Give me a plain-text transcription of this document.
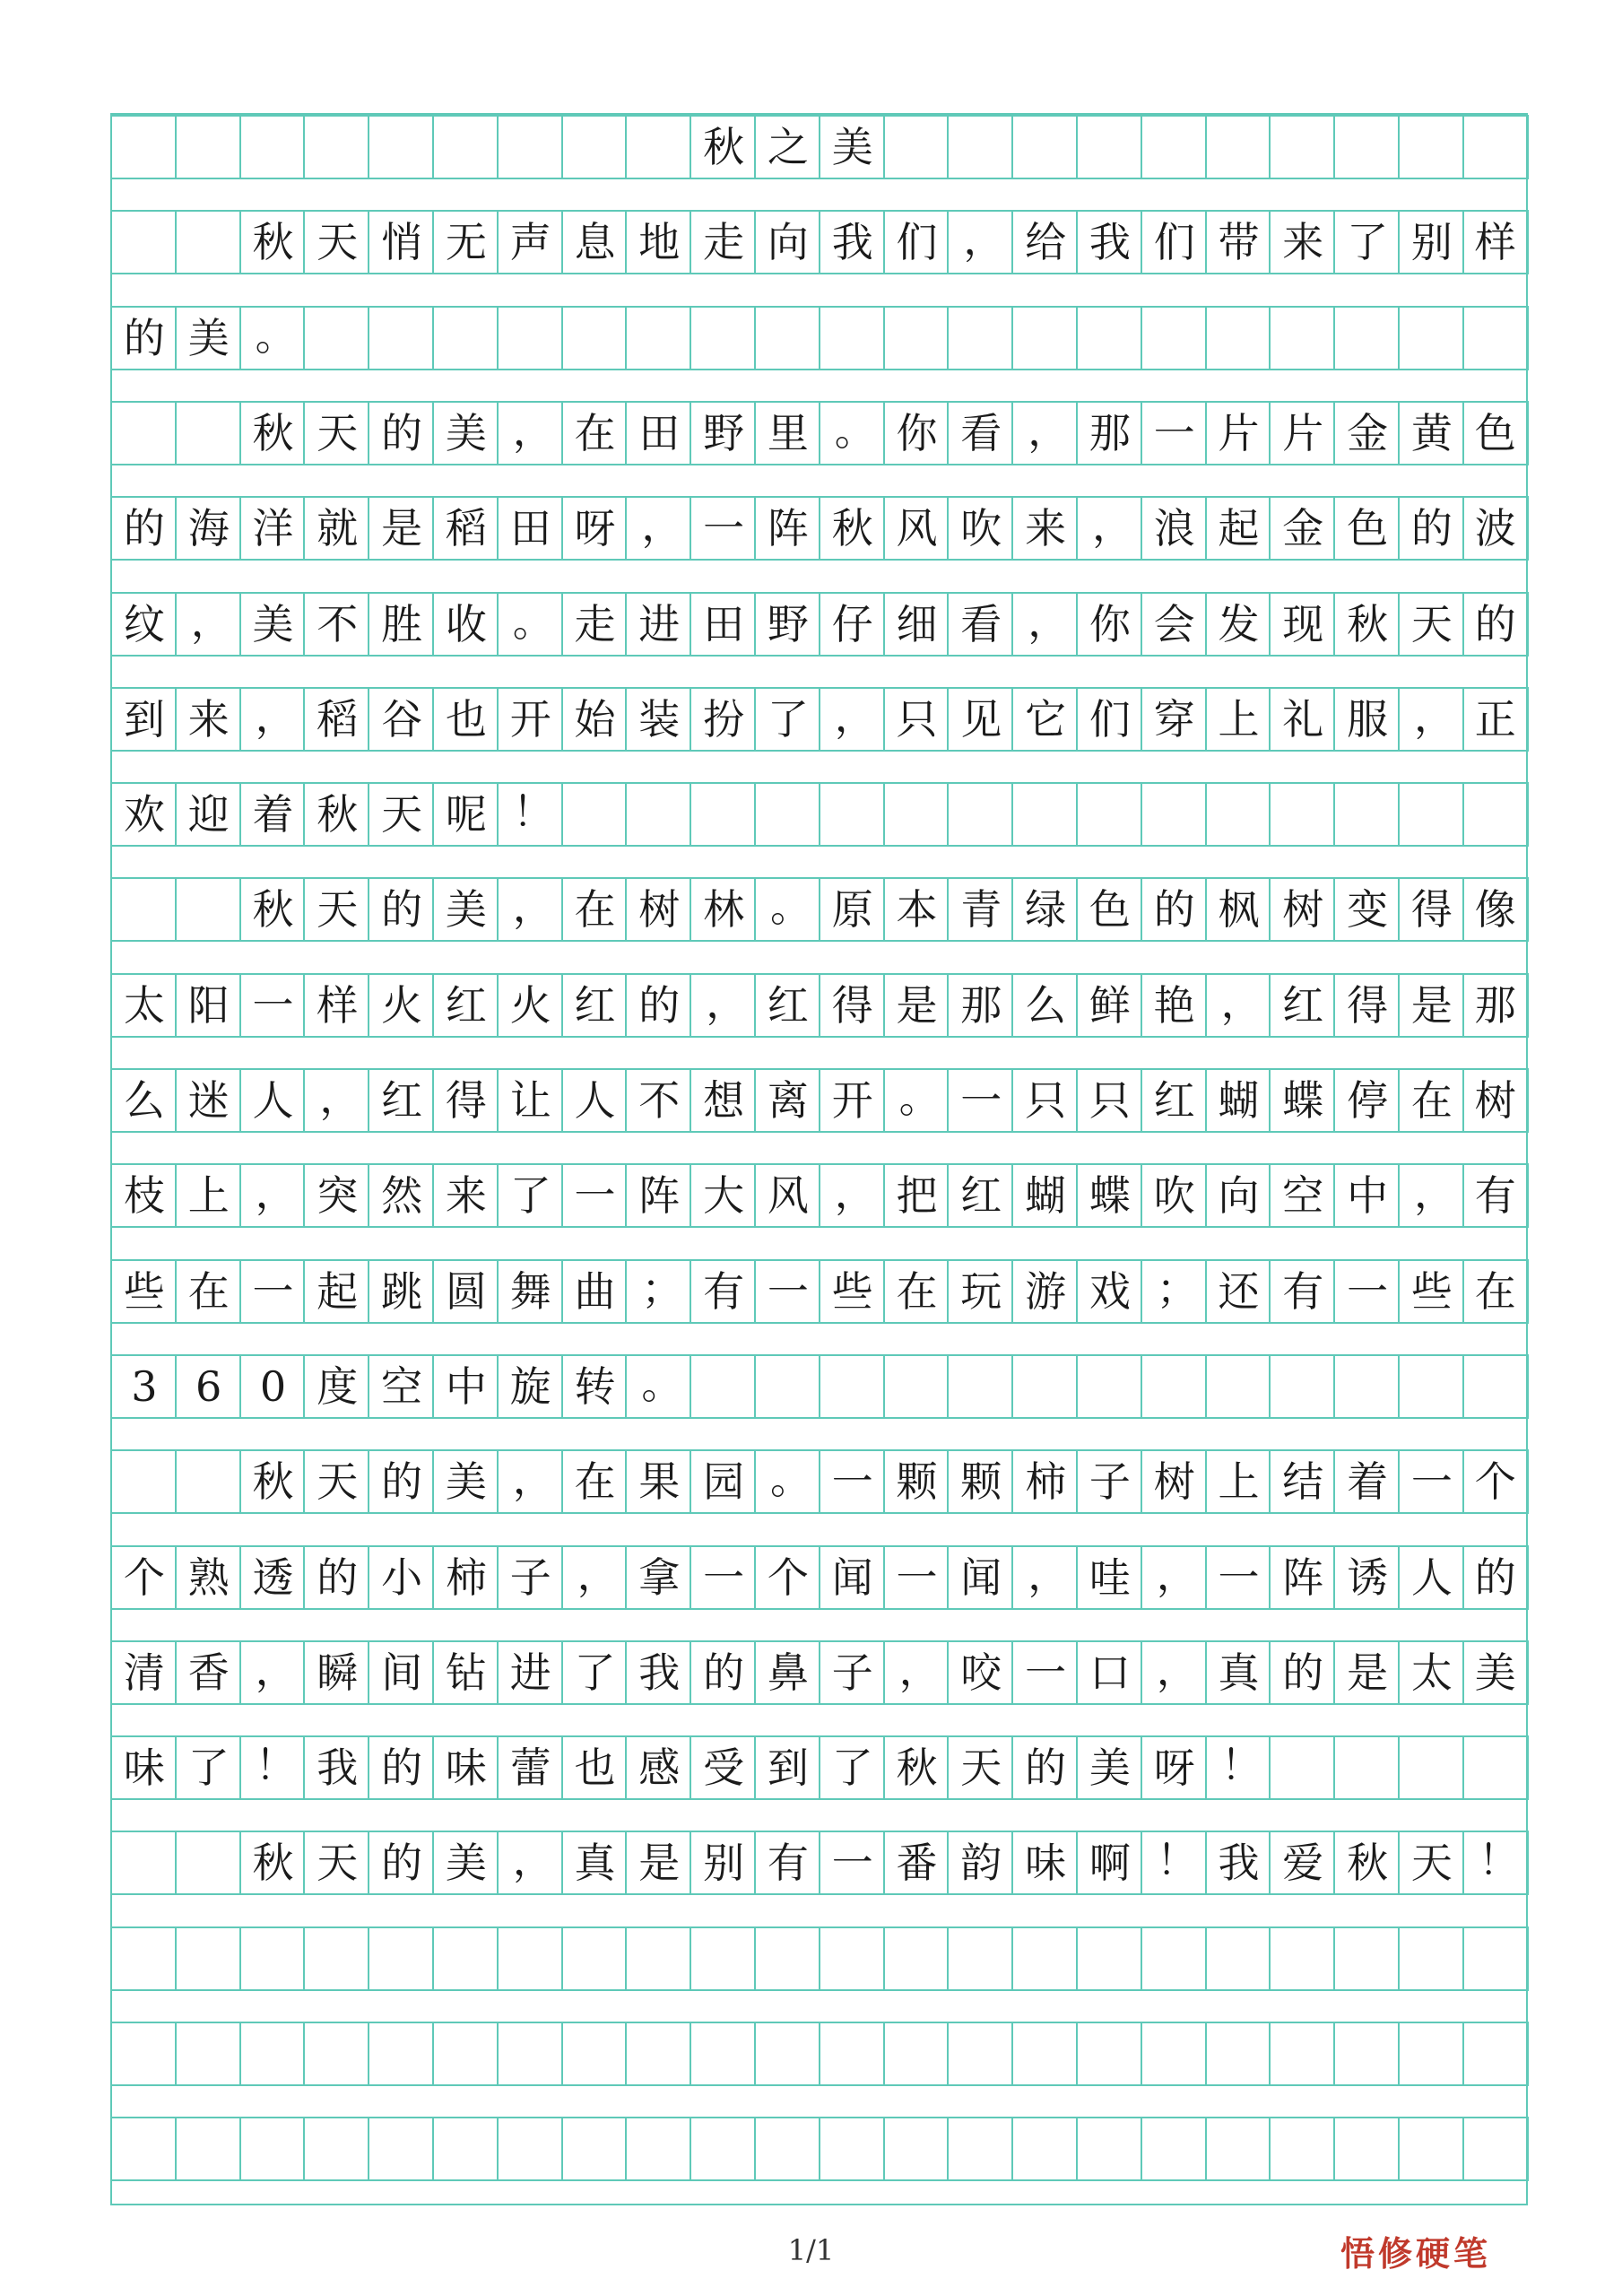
秋 之 美
秋 天 悄 无 声 息 地 走 向 我 们 ， 给 我 们 带 来 了 别 样
的 美 。
秋 天 的 美 ， 在 田 野 里 。 你 看 ， 那 一 片 片 金 黄 色
的 海 洋 就 是 稻 田 呀 ， 一 阵 秋 风 吹 来 ， 浪 起 金 色 的 波
纹 ， 美 不 胜 收 。 走 进 田 野 仔 细 看 ， 你 会 发 现 秋 天 的
到 来 ， 稻 谷 也 开 始 装 扮 了 ， 只 见 它 们 穿 上 礼 服 ， 正
欢 迎 着 秋 天 呢 ！
秋 天 的 美 ， 在 树 林 。 原 本 青 绿 色 的 枫 树 变 得 像
太 阳 一 样 火 红 火 红 的 ， 红 得 是 那 么 鲜 艳 ， 红 得 是 那
么 迷 人 ， 红 得 让 人 不 想 离 开 。 一 只 只 红 蝴 蝶 停 在 树
枝 上 ， 突 然 来 了 一 阵 大 风 ， 把 红 蝴 蝶 吹 向 空 中 ， 有
些 在 一 起 跳 圆 舞 曲 ； 有 一 些 在 玩 游 戏 ； 还 有 一 些 在
3 6 0 度 空 中 旋 转 。
秋 天 的 美 ， 在 果 园 。 一 颗 颗 柿 子 树 上 结 着 一 个
个 熟 透 的 小 柿 子 ， 拿 一 个 闻 一 闻 ， 哇 ， 一 阵 诱 人 的
清 香 ， 瞬 间 钻 进 了 我 的 鼻 子 ， 咬 一 口 ， 真 的 是 太 美
味 了 ！ 我 的 味 蕾 也 感 受 到 了 秋 天 的 美 呀 ！
秋 天 的 美 ， 真 是 别 有 一 番 韵 味 啊 ！ 我 爱 秋 天 ！
1/1	悟修硬笔
